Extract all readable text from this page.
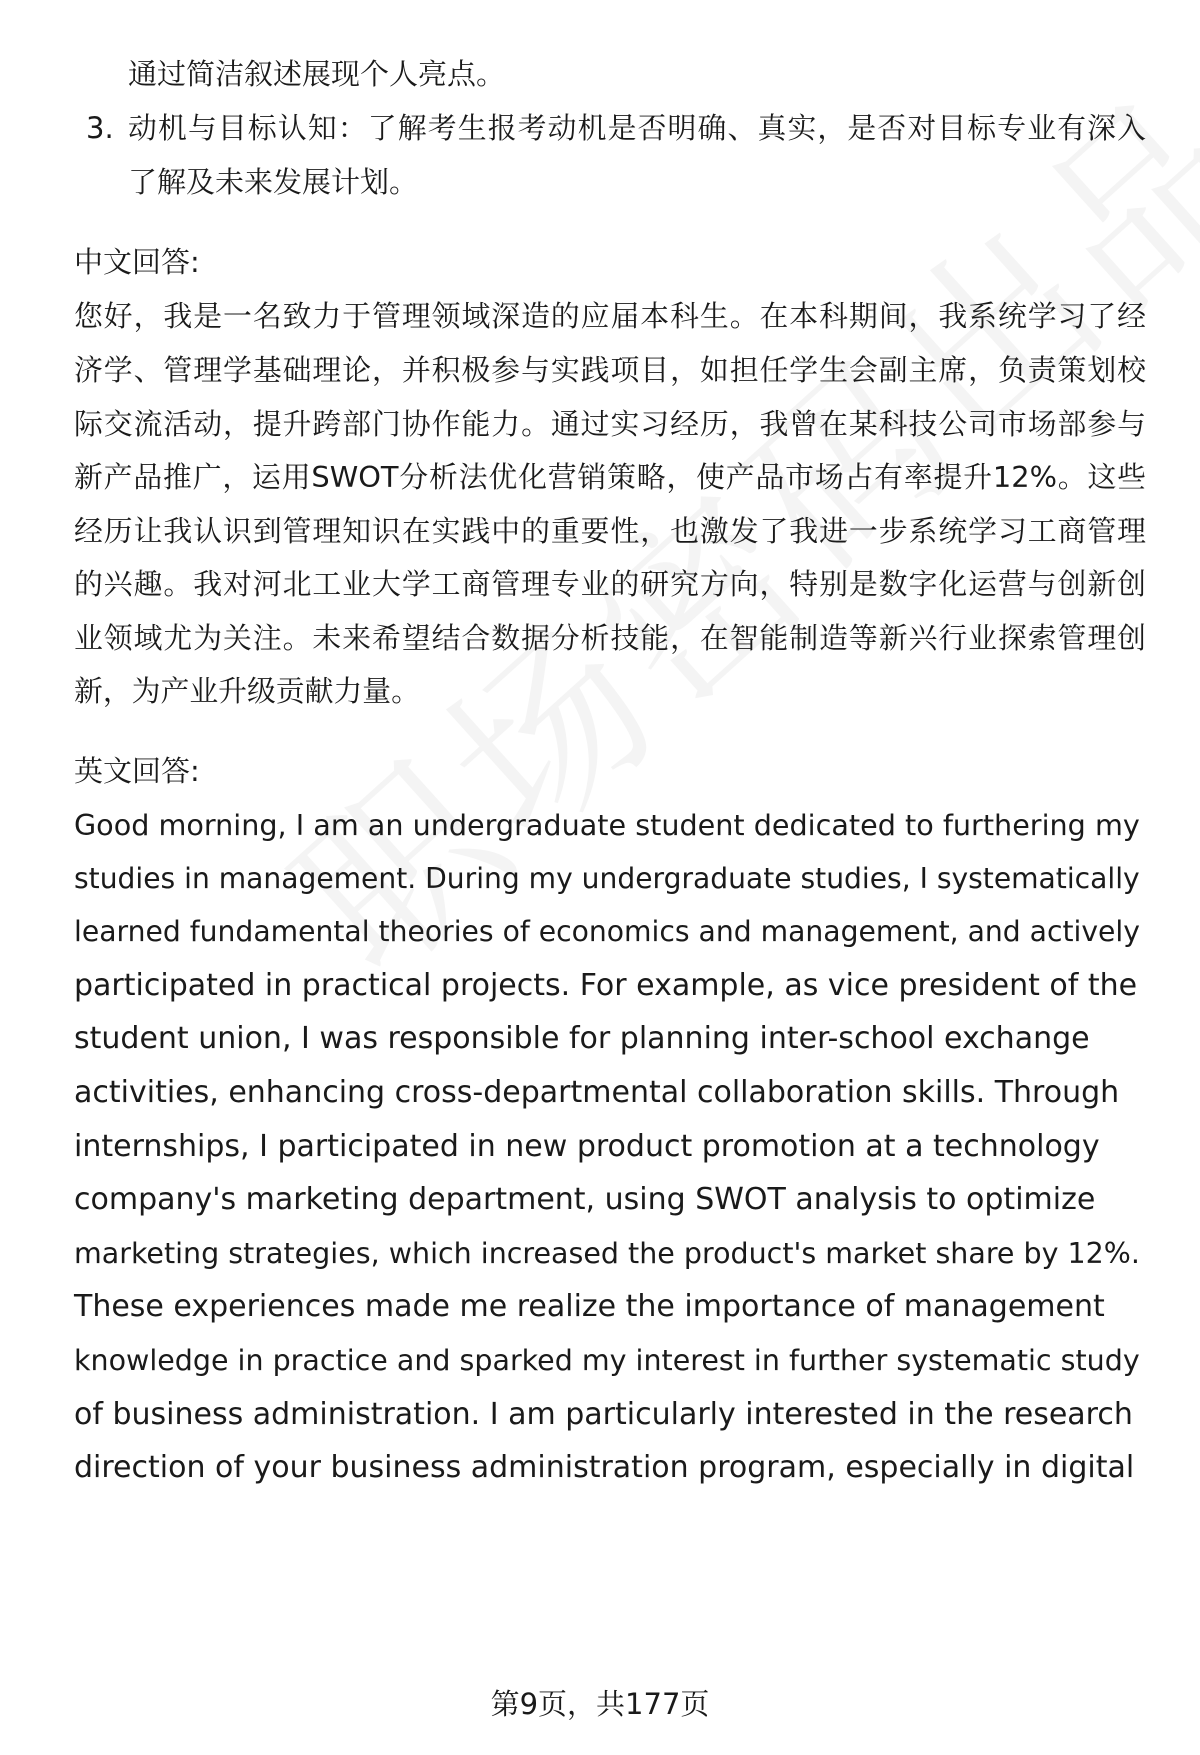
通过简洁叙述展现个人亮点。
3. 动机与目标认知：了解考生报考动机是否明确、真实，是否对目标专业有深入
了解及未来发展计划。
中文回答:
您好，我是一名致力于管理领域深造的应届本科生。在本科期间，我系统学习了经
济学、管理学基础理论，并积极参与实践项目，如担任学生会副主席，负责策划校
际交流活动，提升跨部门协作能力。通过实习经历，我曾在某科技公司市场部参与
新产品推广，运用SWOT分析法优化营销策略，使产品市场占有率提升12%。这些
经历让我认识到管理知识在实践中的重要性，也激发了我进一步系统学习工商管理
的兴趣。我对河北工业大学工商管理专业的研究方向，特别是数字化运营与创新创
业领域尤为关注。未来希望结合数据分析技能，在智能制造等新兴行业探索管理创
新，为产业升级贡献力量。
英文回答:
Good morning, I am an undergraduate student dedicated to furthering my
studies in management. During my undergraduate studies, I systematically
learned fundamental theories of economics and management, and actively
participated in practical projects. For example, as vice president of the
student union, I was responsible for planning inter-school exchange
activities, enhancing cross-departmental collaboration skills. Through
internships, I participated in new product promotion at a technology
company's marketing department, using SWOT analysis to optimize
marketing strategies, which increased the product's market share by 12%.
These experiences made me realize the importance of management
knowledge in practice and sparked my interest in further systematic study
of business administration. I am particularly interested in the research
direction of your business administration program, especially in digital
第9页，共177页
